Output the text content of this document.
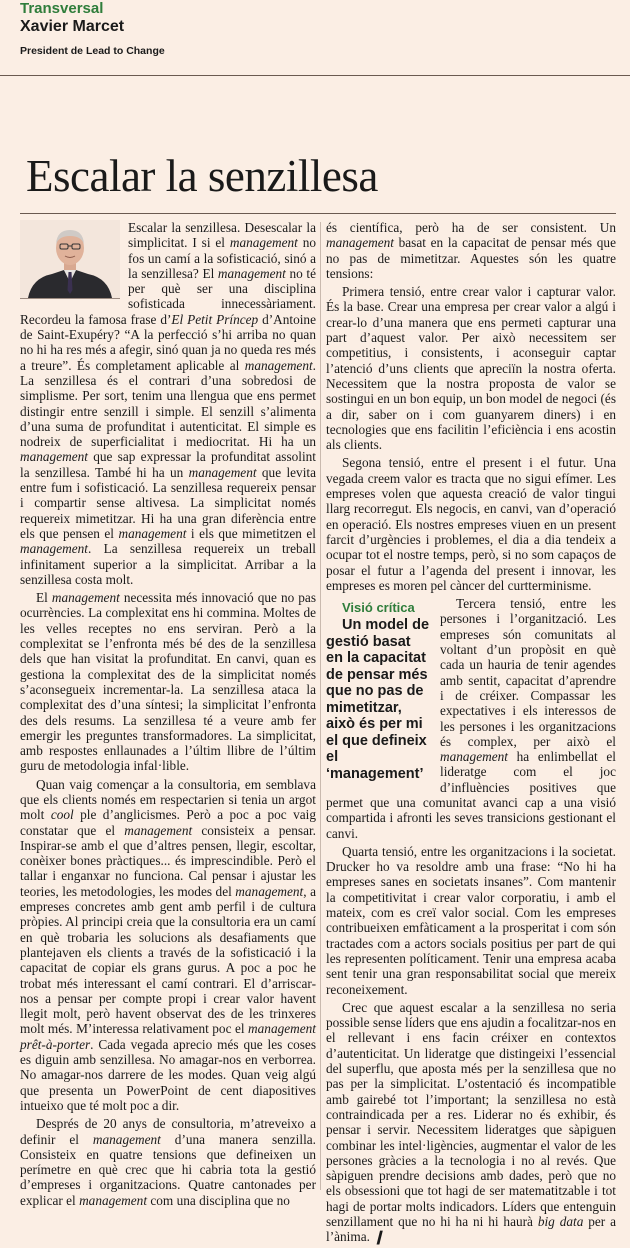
Transversal
Xavier Marcet
President de Lead to Change
Escalar la senzillesa

Escalar la senzillesa. Desescalar la simplicitat. I si el management no fos un camí a la sofisticació, sinó a la senzillesa? El management no té per què ser una disciplina sofisticada innecessàriament. Recordeu la famosa frase d’El Petit Príncep d’Antoine de Saint-Exupéry? “A la perfecció s’hi arriba no quan no hi ha res més a afegir, sinó quan ja no queda res més a treure”. És completament aplicable al management. La senzillesa és el contrari d’una sobredosi de simplisme. Per sort, tenim una llengua que ens permet distingir entre senzill i simple. El senzill s’alimenta d’una suma de profunditat i autenticitat. El simple es nodreix de superficialitat i mediocritat. Hi ha un management que sap expressar la profunditat assolint la senzillesa. També hi ha un management que levita entre fum i sofisticació. La senzillesa requereix pensar i compartir sense altivesa. La simplicitat només requereix mimetitzar. Hi ha una gran diferència entre els que pensen el management i els que mimetitzen el management. La senzillesa requereix un treball infinitament superior a la simplicitat. Arribar a la senzillesa costa molt.

El management necessita més innovació que no pas ocurrències. La complexitat ens hi commina. Moltes de les velles receptes no ens serviran. Però a la complexitat se l’enfronta més bé des de la senzillesa dels que han visitat la profunditat. En canvi, quan es gestiona la complexitat des de la simplicitat només s’aconsegueix incrementar-la. La senzillesa ataca la complexitat des d’una síntesi; la simplicitat l’enfronta des dels resums. La senzillesa té a veure amb fer emergir les preguntes transformadores. La simplicitat, amb respostes enllaunades a l’últim llibre de l’últim guru de metodologia infal·lible.

Quan vaig començar a la consultoria, em semblava que els clients només em respectarien si tenia un argot molt cool ple d’anglicismes. Però a poc a poc vaig constatar que el management consisteix a pensar. Inspirar-se amb el que d’altres pensen, llegir, escoltar, conèixer bones pràctiques... és imprescindible. Però el tallar i enganxar no funciona. Cal pensar i ajustar les teories, les metodologies, les modes del management, a empreses concretes amb gent amb perfil i de cultura pròpies. Al principi creia que la consultoria era un camí en què trobaria les solucions als desafiaments que plantejaven els clients a través de la sofisticació i la capacitat de copiar els grans gurus. A poc a poc he trobat més interessant el camí contrari. El d’arriscar-nos a pensar per compte propi i crear valor havent llegit molt, però havent observat des de les trinxeres molt més. M’interessa relativament poc el management prêt-à-porter. Cada vegada aprecio més que les coses es diguin amb senzillesa. No amagar-nos en verborrea. No amagar-nos darrere de les modes. Quan veig algú que presenta un PowerPoint de cent diapositives intueixo que té molt poc a dir.

Després de 20 anys de consultoria, m’atreveixo a definir el management d’una manera senzilla. Consisteix en quatre tensions que defineixen un perímetre en què crec que hi cabria tota la gestió d’empreses i organitzacions. Quatre cantonades per explicar el management com una disciplina que no

és científica, però ha de ser consistent. Un management basat en la capacitat de pensar més que no pas de mimetitzar. Aquestes són les quatre tensions:

Primera tensió, entre crear valor i capturar valor. És la base. Crear una empresa per crear valor a algú i crear-lo d’una manera que ens permeti capturar una part d’aquest valor. Per això necessitem ser competitius, i consistents, i aconseguir captar l’atenció d’uns clients que apreciïn la nostra oferta. Necessitem que la nostra proposta de valor se sostingui en un bon equip, un bon model de negoci (és a dir, saber on i com guanyarem diners) i en tecnologies que ens facilitin l’eficiència i ens acostin als clients.

Segona tensió, entre el present i el futur. Una vegada creem valor es tracta que no sigui efímer. Les empreses volen que aquesta creació de valor tingui llarg recorregut. Els negocis, en canvi, van d’operació en operació. Els nostres empreses viuen en un present farcit d’urgències i problemes, el dia a dia tendeix a ocupar tot el nostre temps, però, si no som capaços de posar el futur a l’agenda del present i innovar, les empreses es moren pel càncer del curtterminisme.

Visió crítica
Un model de gestió basat en la capacitat de pensar més que no pas de mimetitzar, això és per mi el que defineix el ‘management’
Tercera tensió, entre les persones i l’organització. Les empreses són comunitats al voltant d’un propòsit en què cada un hauria de tenir agendes amb sentit, capacitat d’aprendre i de créixer. Compassar les expectatives i els interessos de les persones i les organitzacions és complex, per això el management ha enlimbellat el lideratge com el joc d’influències positives que permet que una comunitat avanci cap a una visió compartida i afronti les seves transicions gestionant el canvi.

Quarta tensió, entre les organitzacions i la societat. Drucker ho va resoldre amb una frase: “No hi ha empreses sanes en societats insanes”. Com mantenir la competitivitat i crear valor corporatiu, i amb el mateix, com es creï valor social. Com les empreses contribueixen emfàticament a la prosperitat i com són tractades com a actors socials positius per part de qui les representen políticament. Tenir una empresa acaba sent tenir una gran responsabilitat social que mereix reconeixement.

Crec que aquest escalar a la senzillesa no seria possible sense líders que ens ajudin a focalitzar-nos en el rellevant i ens facin créixer en contextos d’autenticitat. Un lideratge que distingeixi l’essencial del superflu, que aposta més per la senzillesa que no pas per la simplicitat. L’ostentació és incompatible amb gairebé tot l’important; la senzillesa no està contraindicada per a res. Liderar no és exhibir, és pensar i servir. Necessitem lideratges que sàpiguen combinar les intel·ligències, augmentar el valor de les persones gràcies a la tecnologia i no al revés. Que sàpiguen prendre decisions amb dades, però que no els obsessioni que tot hagi de ser matematitzable i tot hagi de portar molts indicadors. Líders que entenguin senzillament que no hi ha ni hi haurà big data per a l’ànima. ❙
